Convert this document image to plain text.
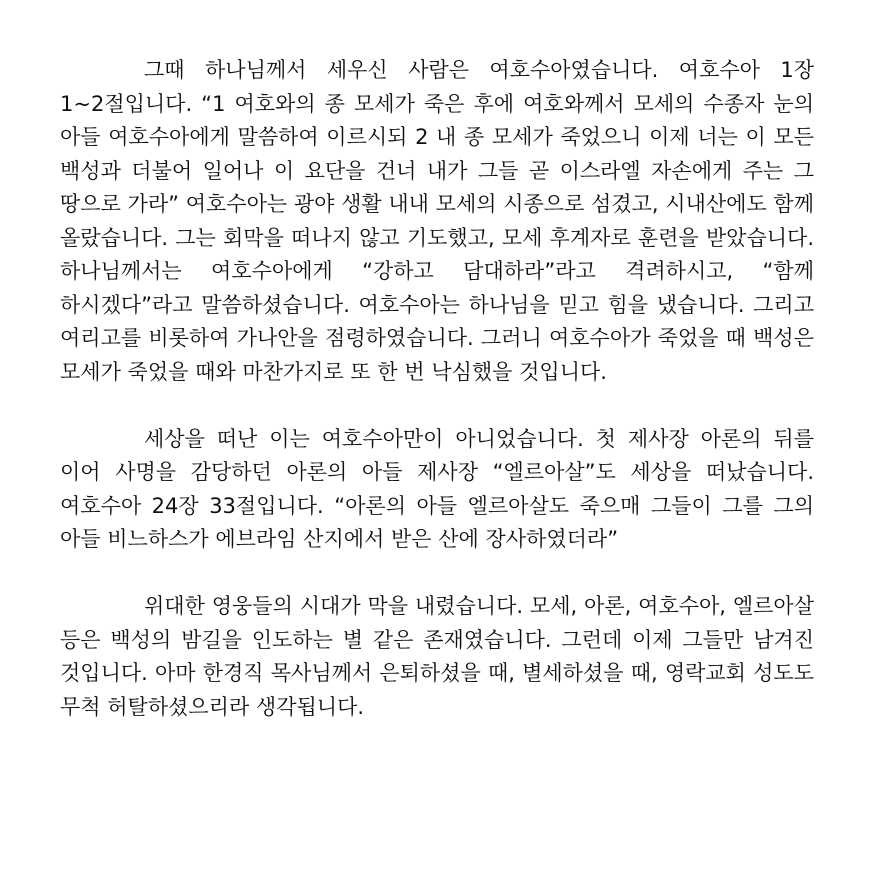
그때 하나님께서 세우신 사람은 여호수아였습니다. 여호수아 1장 1~2절입니다. “1 여호와의 종 모세가 죽은 후에 여호와께서 모세의 수종자 눈의 아들 여호수아에게 말씀하여 이르시되 2 내 종 모세가 죽었으니 이제 너는 이 모든 백성과 더불어 일어나 이 요단을 건너 내가 그들 곧 이스라엘 자손에게 주는 그 땅으로 가라” 여호수아는 광야 생활 내내 모세의 시종으로 섬겼고, 시내산에도 함께 올랐습니다. 그는 회막을 떠나지 않고 기도했고, 모세 후계자로 훈련을 받았습니다. 하나님께서는 여호수아에게 “강하고 담대하라”라고 격려하시고, “함께 하시겠다”라고 말씀하셨습니다. 여호수아는 하나님을 믿고 힘을 냈습니다. 그리고 여리고를 비롯하여 가나안을 점령하였습니다. 그러니 여호수아가 죽었을 때 백성은 모세가 죽었을 때와 마찬가지로 또 한 번 낙심했을 것입니다.

세상을 떠난 이는 여호수아만이 아니었습니다. 첫 제사장 아론의 뒤를 이어 사명을 감당하던 아론의 아들 제사장 “엘르아살”도 세상을 떠났습니다. 여호수아 24장 33절입니다. “아론의 아들 엘르아살도 죽으매 그들이 그를 그의 아들 비느하스가 에브라임 산지에서 받은 산에 장사하였더라”

위대한 영웅들의 시대가 막을 내렸습니다. 모세, 아론, 여호수아, 엘르아살 등은 백성의 밤길을 인도하는 별 같은 존재였습니다. 그런데 이제 그들만 남겨진 것입니다. 아마 한경직 목사님께서 은퇴하셨을 때, 별세하셨을 때, 영락교회 성도도 무척 허탈하셨으리라 생각됩니다.
